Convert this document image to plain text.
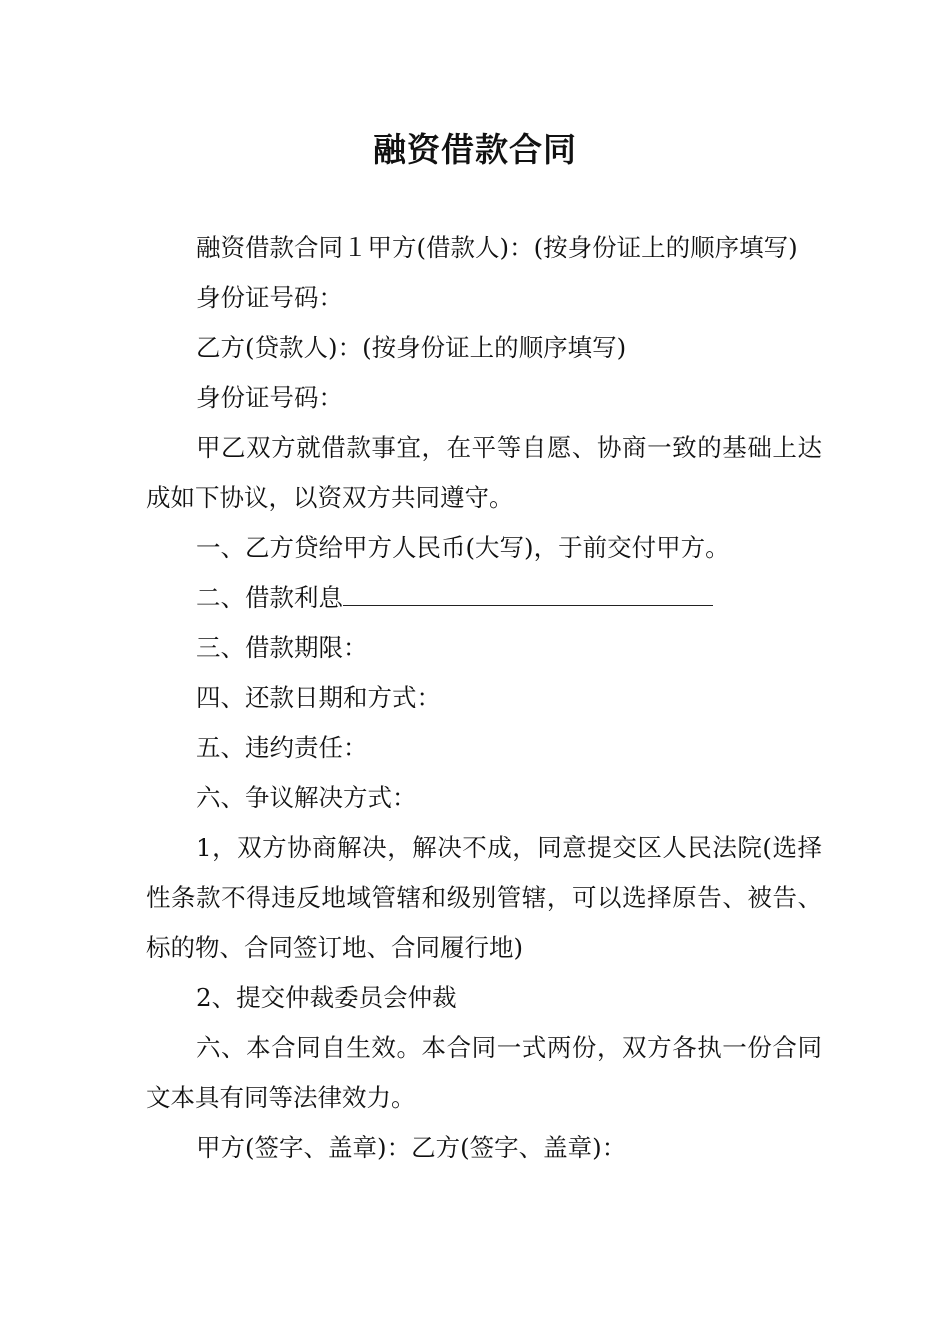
融资借款合同

融资借款合同１甲方(借款人)：(按身份证上的顺序填写)

身份证号码：

乙方(贷款人)：(按身份证上的顺序填写)

身份证号码：

甲乙双方就借款事宜，在平等自愿、协商一致的基础上达成如下协议，以资双方共同遵守。

一、乙方贷给甲方人民币(大写)，于前交付甲方。

二、借款利息

三、借款期限：

四、还款日期和方式：

五、违约责任：

六、争议解决方式：

1，双方协商解决，解决不成，同意提交区人民法院(选择性条款不得违反地域管辖和级别管辖，可以选择原告、被告、标的物、合同签订地、合同履行地)

2、提交仲裁委员会仲裁

六、本合同自生效。本合同一式两份，双方各执一份合同文本具有同等法律效力。

甲方(签字、盖章)：乙方(签字、盖章)：
